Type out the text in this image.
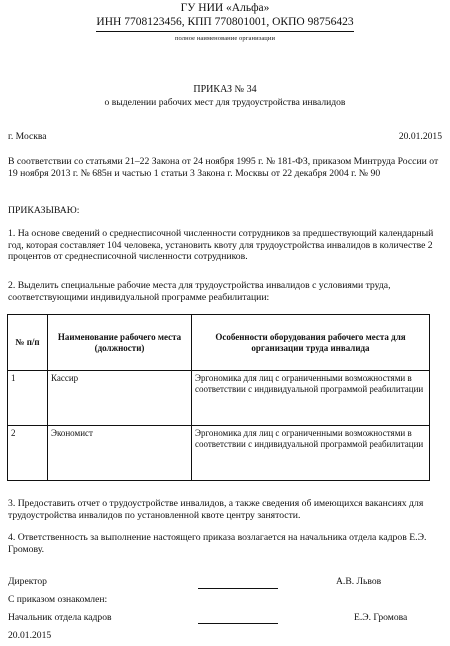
ГУ НИИ «Альфа»
ИНН 7708123456, КПП 770801001, ОКПО 98756423
полное наименование организации
ПРИКАЗ № 34
о выделении рабочих мест для трудоустройства инвалидов
г. Москва	20.01.2015
В соответствии со статьями 21–22 Закона от 24 ноября 1995 г. № 181-ФЗ, приказом Минтруда России от 19 ноября 2013 г. № 685н и частью 1 статьи 3 Закона г. Москвы от 22 декабря 2004 г. № 90
ПРИКАЗЫВАЮ:
1. На основе сведений о среднесписочной численности сотрудников за предшествующий календарный год, которая составляет 104 человека, установить квоту для трудоустройства инвалидов в количестве 2 процентов от среднесписочной численности сотрудников.
2. Выделить специальные рабочие места для трудоустройства инвалидов с условиями труда, соответствующими индивидуальной программе реабилитации:
№ п/п	Наименование рабочего места (должности)	Особенности оборудования рабочего места для организации труда инвалида
1	Кассир	Эргономика для лиц с ограниченными возможностями в соответствии с индивидуальной программой реабилитации
2	Экономист	Эргономика для лиц с ограниченными возможностями в соответствии с индивидуальной программой реабилитации
3. Предоставить отчет о трудоустройстве инвалидов, а также сведения об имеющихся вакансиях для трудоустройства инвалидов по установленной квоте центру занятости.
4. Ответственность за выполнение настоящего приказа возлагается на начальника отдела кадров Е.Э. Громову.
Директор	А.В. Львов
С приказом ознакомлен:
Начальник отдела кадров	Е.Э. Громова
20.01.2015
